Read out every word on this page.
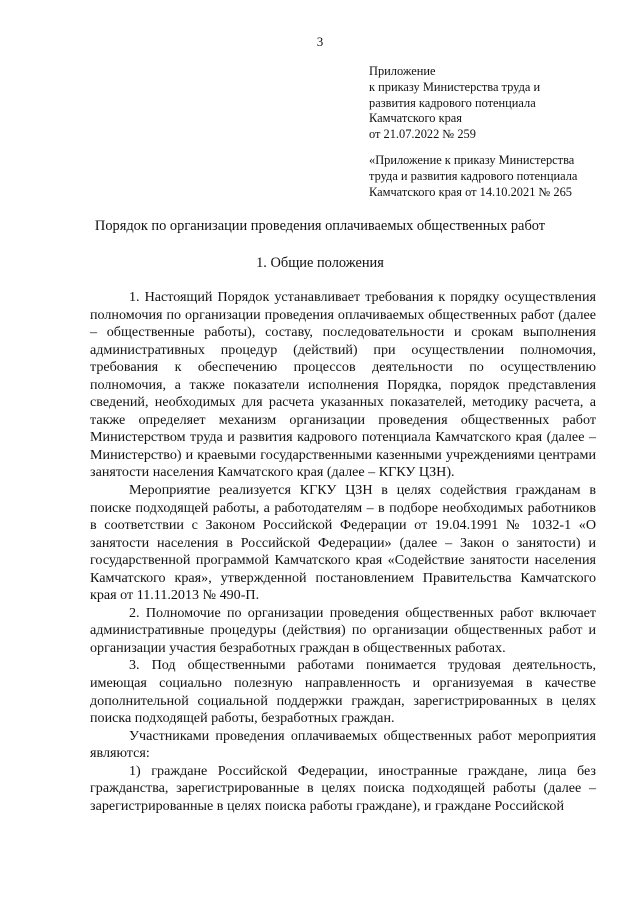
3
Приложение
к приказу Министерства труда и
развития кадрового потенциала
Камчатского края
от 21.07.2022 № 259
«Приложение к приказу Министерства
труда и развития кадрового потенциала
Камчатского края от 14.10.2021 № 265
Порядок по организации проведения оплачиваемых общественных работ
1. Общие положения

1. Настоящий Порядок устанавливает требования к порядку осуществления полномочия по организации проведения оплачиваемых общественных работ (далее – общественные работы), составу, последовательности и срокам выполнения административных процедур (действий) при осуществлении полномочия, требования к обеспечению процессов деятельности по осуществлению полномочия, а также показатели исполнения Порядка, порядок представления сведений, необходимых для расчета указанных показателей, методику расчета, а также определяет механизм организации проведения общественных работ Министерством труда и развития кадрового потенциала Камчатского края (далее – Министерство) и краевыми государственными казенными учреждениями центрами занятости населения Камчатского края (далее – КГКУ ЦЗН).

Мероприятие реализуется КГКУ ЦЗН в целях содействия гражданам в поиске подходящей работы, а работодателям – в подборе необходимых работников в соответствии с Законом Российской Федерации от 19.04.1991 № 1032-1 «О занятости населения в Российской Федерации» (далее – Закон о занятости) и государственной программой Камчатского края «Содействие занятости населения Камчатского края», утвержденной постановлением Правительства Камчатского края от 11.11.2013 № 490-П.

2. Полномочие по организации проведения общественных работ включает административные процедуры (действия) по организации общественных работ и организации участия безработных граждан в общественных работах.

3. Под общественными работами понимается трудовая деятельность, имеющая социально полезную направленность и организуемая в качестве дополнительной социальной поддержки граждан, зарегистрированных в целях поиска подходящей работы, безработных граждан.

Участниками проведения оплачиваемых общественных работ мероприятия являются:

1) граждане Российской Федерации, иностранные граждане, лица без гражданства, зарегистрированные в целях поиска подходящей работы (далее – зарегистрированные в целях поиска работы граждане), и граждане Российской
